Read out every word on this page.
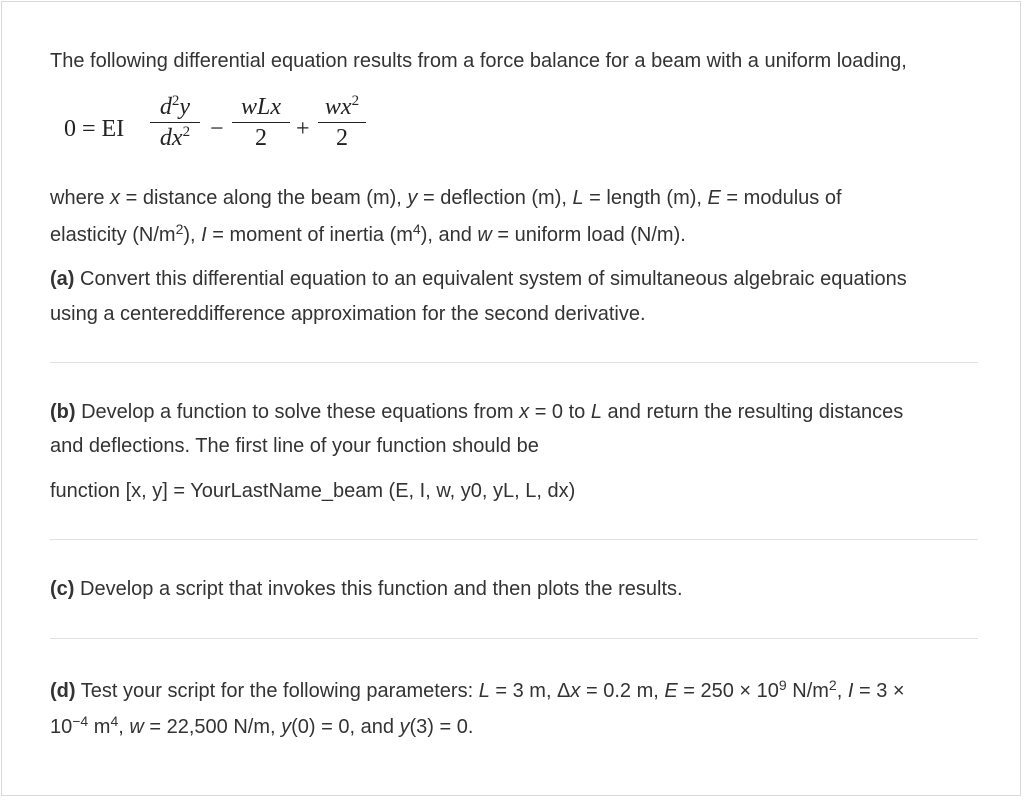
The following differential equation results from a force balance for a beam with a uniform loading,
0 = EI
$d^2y$
$dx^2$ −
wLx
2	+
$wx^2$
2
where x = distance along the beam (m), y = deflection (m), L = length (m), E = modulus of
elasticity $(N/m^2)$, I = moment of inertia $(m^4)$, and w = uniform load (N/m).
(a) Convert this differential equation to an equivalent system of simultaneous algebraic equations
using a centereddifference approximation for the second derivative.
(b) Develop a function to solve these equations from x = 0 to L and return the resulting distances
and deflections. The first line of your function should be
function [x, y] = YourLastName_beam (E, I, w, y0, yL, L, dx)
(c) Develop a script that invokes this function and then plots the results.
(d) Test your script for the following parameters: L = 3 m, Δx = 0.2 m, $E = 250 \times 10^9$ $N/m^2$, I = 3 ×
$10^{-4}$ $m^4$, w = 22,500 N/m, y(0) = 0, and y(3) = 0.
